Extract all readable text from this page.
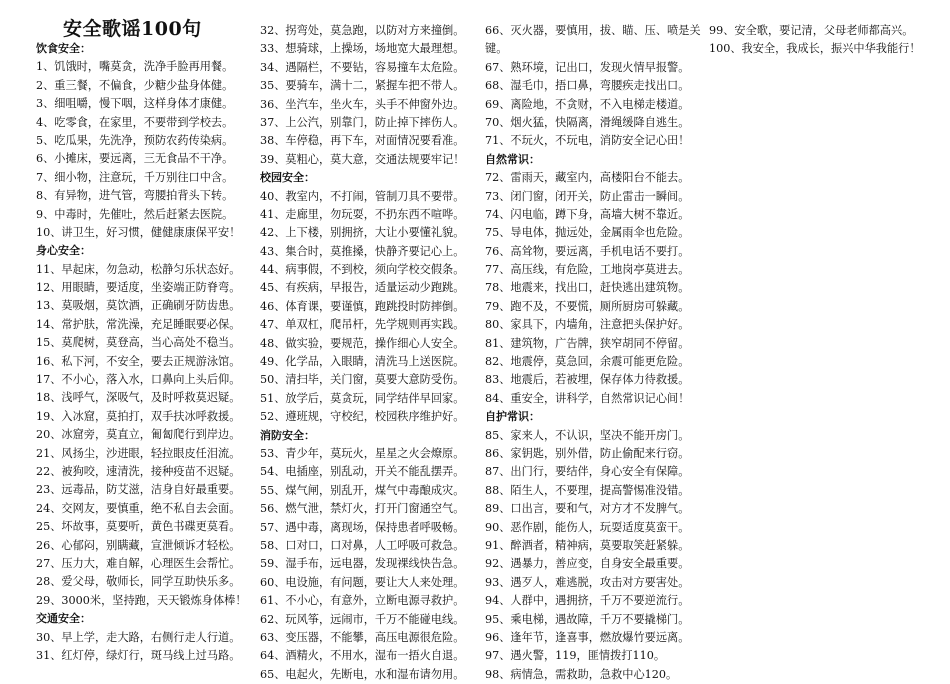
安全歌谣100句
饮食安全：
1、饥饿时，嘴莫贪，洗净手脸再用餐。
2、重三餐，不偏食，少糖少盐身体健。
3、细咀嚼，慢下咽，这样身体才康健。
4、吃零食，在家里，不要带到学校去。
5、吃瓜果，先洗净，预防农药传染病。
6、小摊床，要远离，三无食品不干净。
7、细小物，注意玩，千万别往口中含。
8、有异物，进气管，弯腰拍背头下转。
9、中毒时，先催吐，然后赶紧去医院。
10、讲卫生，好习惯，健健康康保平安！
身心安全：
11、早起床，勿急动，松静匀乐状态好。
12、用眼睛，要适度，坐姿端正防脊弯。
13、莫吸烟，莫饮酒，正确刷牙防齿患。
14、常护肤，常洗澡，充足睡眠要必保。
15、莫爬树，莫登高，当心高处不稳当。
16、私下河，不安全，要去正规游泳馆。
17、不小心，落入水，口鼻向上头后仰。
18、浅呼气，深吸气，及时呼救莫迟疑。
19、入冰窟，莫拍打，双手扶冰呼救援。
20、冰窟旁，莫直立，匍匐爬行到岸边。
21、风扬尘，沙进眼，轻拉眼皮任泪流。
22、被狗咬，速清洗，接种疫苗不迟疑。
23、远毒品，防艾滋，洁身自好最重要。
24、交网友，要慎重，绝不私自去会面。
25、坏故事，莫要听，黄色书碟更莫看。
26、心郁闷，别瞒藏，宣泄倾诉才轻松。
27、压力大，难自解，心理医生会帮忙。
28、爱父母，敬师长，同学互助快乐多。
29、3000米，坚持跑，天天锻炼身体棒！
交通安全：
30、早上学，走大路，右侧行走人行道。
31、红灯停，绿灯行，斑马线上过马路。
32、拐弯处，莫急跑，以防对方来撞倒。
33、想骑球，上操场，场地宽大最理想。
34、遇隔栏，不要钻，容易撞车太危险。
35、要骑车，满十二，紧握车把不带人。
36、坐汽车，坐火车，头手不伸窗外边。
37、上公汽，别靠门，防止掉下摔伤人。
38、车停稳，再下车，对面情况要看准。
39、莫粗心，莫大意，交通法规要牢记！
校园安全：
40、教室内，不打闹，管制刀具不要带。
41、走廊里，勿玩耍，不扔东西不喧哗。
42、上下楼，别拥挤，大让小要懂礼貌。
43、集合时，莫推搡，快静齐要记心上。
44、病事假，不到校，须向学校交假条。
45、有疾病，早报告，适量运动少跑跳。
46、体育课，要谨慎，跑跳投时防摔倒。
47、单双杠，爬吊杆，先学规则再实践。
48、做实验，要规范，操作细心人安全。
49、化学品，入眼睛，清洗马上送医院。
50、清扫毕，关门窗，莫要大意防受伤。
51、放学后，莫贪玩，同学结伴早回家。
52、遵班规，守校纪，校园秩序维护好。
消防安全：
53、青少年，莫玩火，星星之火会燎原。
54、电插座，别乱动，开关不能乱摆弄。
55、煤气闸，别乱开，煤气中毒酿成灾。
56、燃气泄，禁灯火，打开门窗通空气。
57、遇中毒，离现场，保持患者呼吸畅。
58、口对口，口对鼻，人工呼吸可救急。
59、湿手布，远电器，发现裸线快告急。
60、电设施，有问题，要让大人来处理。
61、不小心，有意外，立断电源寻救护。
62、玩风筝，远闹市，千万不能碰电线。
63、变压器，不能攀，高压电源很危险。
64、酒精火，不用水，湿布一捂火自退。
65、电起火，先断电，水和湿布请勿用。
66、灭火器，要慎用，拔、瞄、压、喷是关
键。
67、熟环境，记出口，发现火情早报警。
68、湿毛巾，捂口鼻，弯腰疾走找出口。
69、离险地，不贪财，不入电梯走楼道。
70、烟火猛，快隔离，滑绳缓降自逃生。
71、不玩火，不玩电，消防安全记心田！
自然常识：
72、雷雨天，藏室内，高楼阳台不能去。
73、闭门窗，闭开关，防止雷击一瞬间。
74、闪电临，蹲下身，高墙大树不靠近。
75、导电体，抛远处，金属雨伞也危险。
76、高耸物，要远离，手机电话不要打。
77、高压线，有危险，工地岗亭莫进去。
78、地震来，找出口，赶快逃出建筑物。
79、跑不及，不要慌，厕所厨房可躲藏。
80、家具下，内墙角，注意把头保护好。
81、建筑物，广告牌，狭窄胡同不停留。
82、地震停，莫急回，余震可能更危险。
83、地震后，若被埋，保存体力待救援。
84、重安全，讲科学，自然常识记心间！
自护常识：
85、家来人，不认识，坚决不能开房门。
86、家钥匙，别外借，防止偷配来行窃。
87、出门行，要结伴，身心安全有保障。
88、陌生人，不要理，提高警惕准没错。
89、口出言，要和气，对方才不发脾气。
90、恶作剧，能伤人，玩耍适度莫蛮干。
91、醉酒者，精神病，莫要取笑赶紧躲。
92、遇暴力，善应变，自身安全最重要。
93、遇歹人，难逃脱，攻击对方要害处。
94、人群中，遇拥挤，千万不要逆流行。
95、乘电梯，遇故障，千万不要撬梯门。
96、逢年节，逢喜事，燃放爆竹要远离。
97、遇火警，119，匪情拨打110。
98、病情急，需救助，急救中心120。
99、安全歌，要记清，父母老师都高兴。
100、我安全，我成长，振兴中华我能行！
